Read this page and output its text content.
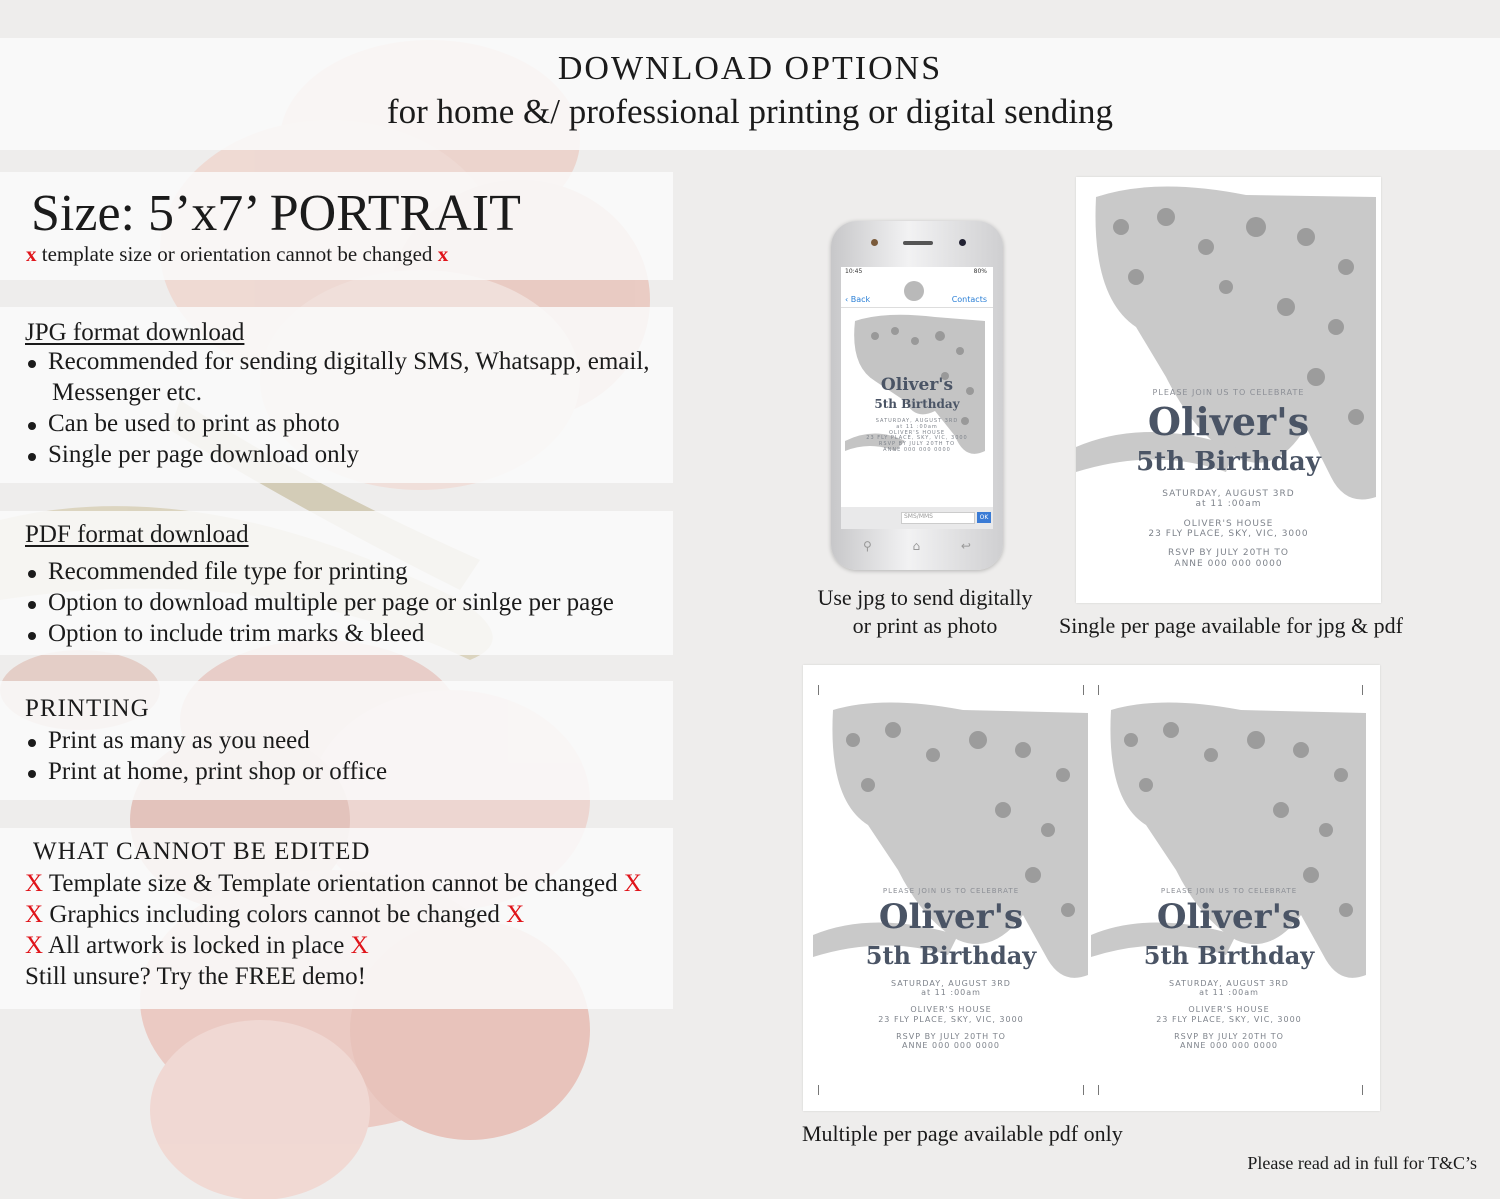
DOWNLOAD OPTIONS
for home &/ professional printing or digital sending
Size: 5’x7’ PORTRAIT
x template size or orientation cannot be changed x
JPG format download
Recommended for sending digitally SMS, Whatsapp, email,
Messenger etc.
Can be used to print as photo
Single per page download only
PDF format download
Recommended file type for printing
Option to download multiple per page or sinlge per page
Option to include trim marks & bleed
PRINTING
Print as many as you need
Print at home, print shop or office
WHAT CANNOT BE EDITED
X Template size & Template orientation cannot be changed X
X Graphics including colors cannot be changed X
X All artwork is locked in place X
Still unsure? Try the FREE demo!
10:45	80%
‹ Back	Contacts
Oliver's
5th Birthday
SATURDAY, AUGUST 3RD
at 11 :00am
OLIVER'S HOUSE
23 FLY PLACE, SKY, VIC, 3000
RSVP BY JULY 20TH TO
ANNE 000 000 0000
SMS/MMS	OK
⚲	⌂	↩
Use jpg to send digitally
or print as photo
PLEASE JOIN US TO CELEBRATE
Oliver's
5th Birthday
SATURDAY, AUGUST 3RD
at 11 :00am
OLIVER'S HOUSE
23 FLY PLACE, SKY, VIC, 3000
RSVP BY JULY 20TH TO
ANNE 000 000 0000
Single per page available for jpg & pdf
PLEASE JOIN US TO CELEBRATE
Oliver's
5th Birthday
SATURDAY, AUGUST 3RD
at 11 :00am
OLIVER'S HOUSE
23 FLY PLACE, SKY, VIC, 3000
RSVP BY JULY 20TH TO
ANNE 000 000 0000
PLEASE JOIN US TO CELEBRATE
Oliver's
5th Birthday
SATURDAY, AUGUST 3RD
at 11 :00am
OLIVER'S HOUSE
23 FLY PLACE, SKY, VIC, 3000
RSVP BY JULY 20TH TO
ANNE 000 000 0000
Multiple per page available pdf only
Please read ad in full for T&C’s
